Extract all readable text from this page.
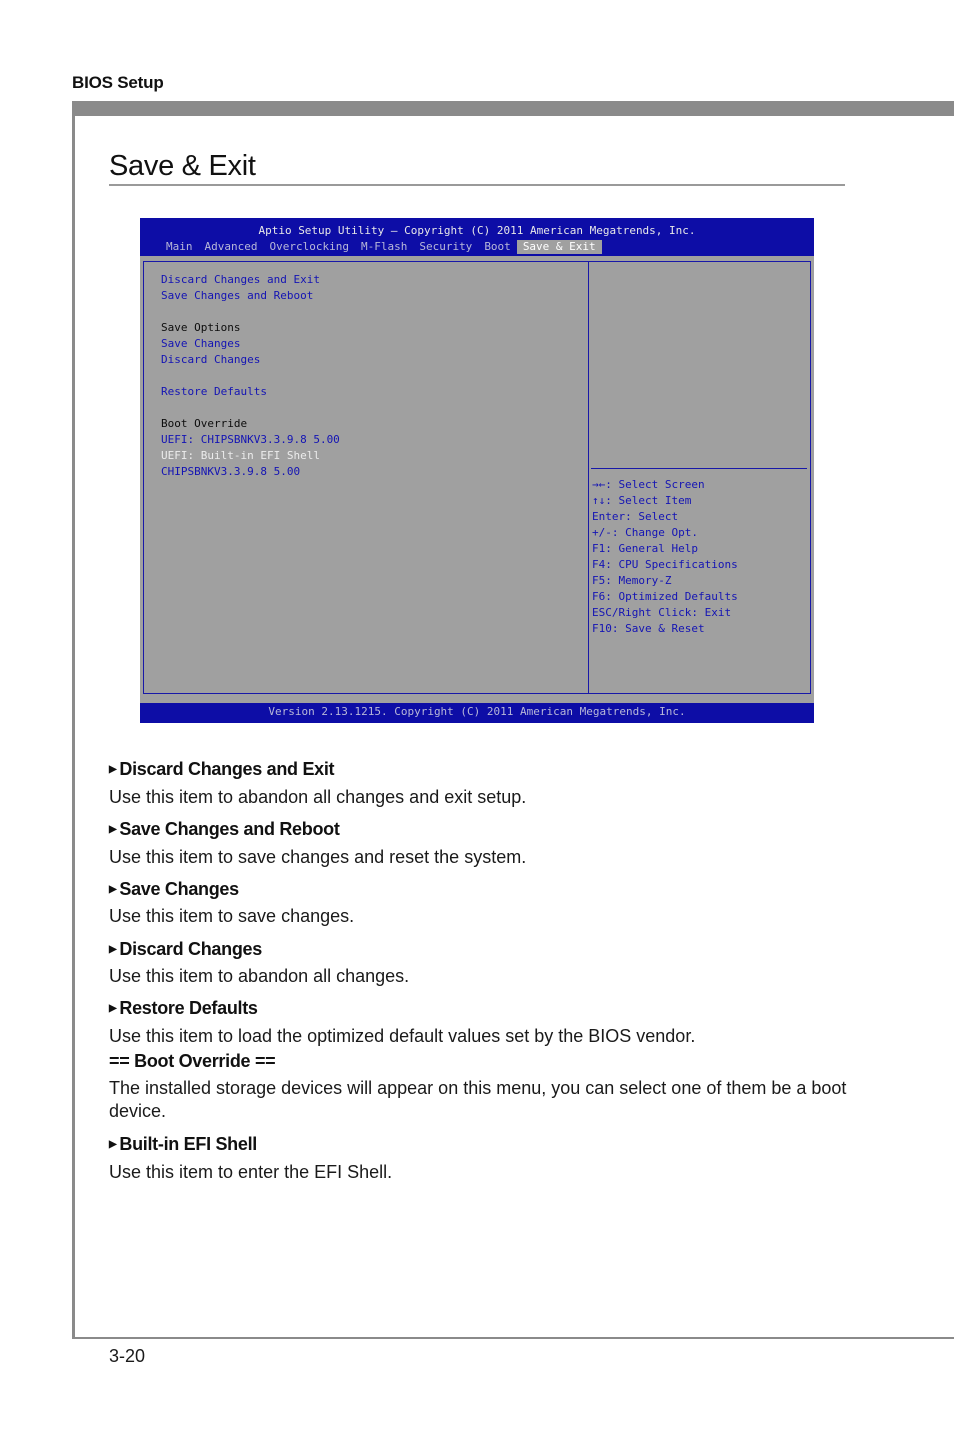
BIOS Setup
Save & Exit
Aptio Setup Utility – Copyright (C) 2011 American Megatrends, Inc.
Main	Advanced	Overclocking	M-Flash	Security	Boot	Save & Exit
Discard Changes and Exit
Save Changes and Reboot
Save Options
Save Changes
Discard Changes
Restore Defaults
Boot Override
UEFI: CHIPSBNKV3.3.9.8 5.00
UEFI: Built-in EFI Shell
CHIPSBNKV3.3.9.8 5.00
→←: Select Screen
↑↓: Select Item
Enter: Select
+/-: Change Opt.
F1: General Help
F4: CPU Specifications
F5: Memory-Z
F6: Optimized Defaults
ESC/Right Click: Exit
F10: Save & Reset
Version 2.13.1215. Copyright (C) 2011 American Megatrends, Inc.
▶ Discard Changes and Exit
Use this item to abandon all changes and exit setup.
▶ Save Changes and Reboot
Use this item to save changes and reset the system.
▶ Save Changes
Use this item to save changes.
▶ Discard Changes
Use this item to abandon all changes.
▶ Restore Defaults
Use this item to load the optimized default values set by the BIOS vendor.
== Boot Override ==
The installed storage devices will appear on this menu, you can select one of them be a boot device.
▶ Built-in EFI Shell
Use this item to enter the EFI Shell.
3-20
